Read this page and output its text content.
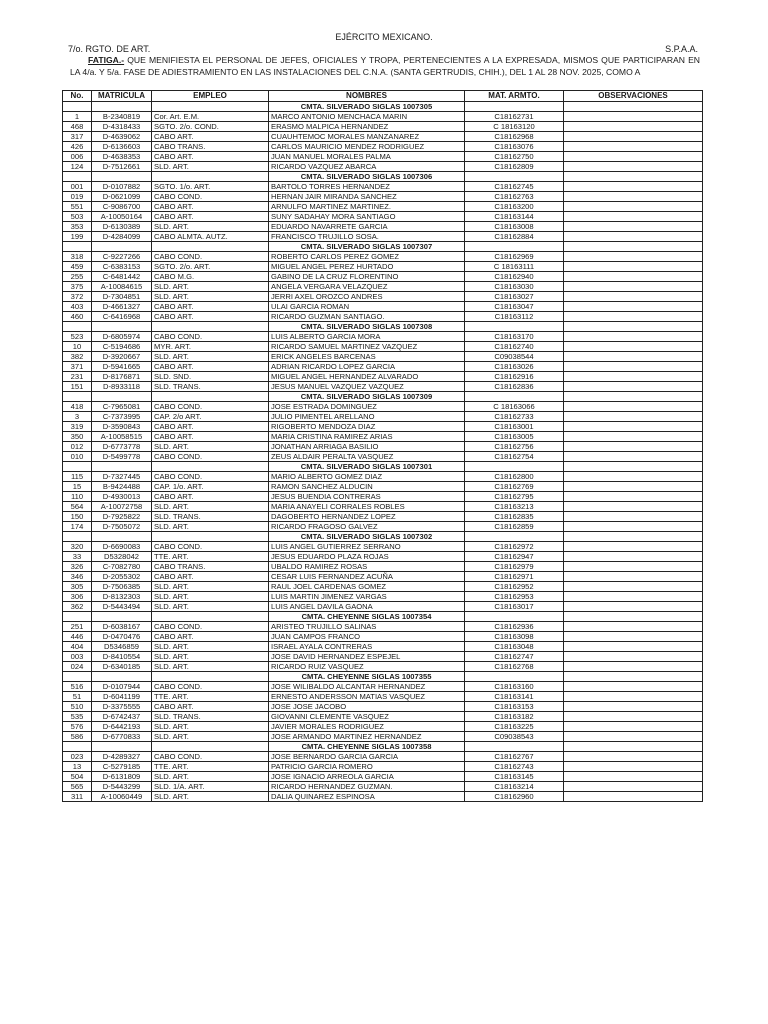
EJÉRCITO MEXICANO.
7/o. RGTO. DE ART.	S.P.A.A.
FATIGA.- QUE MENIFIESTA EL PERSONAL DE JEFES, OFICIALES Y TROPA, PERTENECIENTES A LA EXPRESADA, MISMOS QUE PARTICIPARAN EN LA 4/a. Y 5/a. FASE DE ADIESTRAMIENTO EN LAS INSTALACIONES DEL C.N.A. (SANTA GERTRUDIS, CHIH.), DEL 1 AL 28 NOV. 2025, COMO A
No.	MATRICULA	EMPLEO	NOMBRES	MAT. ARMTO.	OBSERVACIONES
			CMTA. SILVERADO SIGLAS 1007305		
1	B-2340819	Cor. Art. E.M.	MARCO ANTONIO MENCHACA MARIN	C18162731	
468	D-4318433	SGTO. 2/o. COND.	ERASMO MALPICA HERNANDEZ	C 18163120	
317	D-4639062	CABO ART.	CUAUHTEMOC MORALES MANZANAREZ	C18162968	
426	D-6136603	CABO TRANS.	CARLOS MAURICIO MENDEZ RODRIGUEZ	C18163076	
006	D-4638353	CABO ART.	JUAN MANUEL MORALES PALMA	C18162750	
124	D-7512661	SLD. ART.	RICARDO VAZQUEZ ABARCA	C18162809	
			CMTA. SILVERADO SIGLAS 1007306		
001	D-0107882	SGTO. 1/o. ART.	BARTOLO TORRES HERNANDEZ	C18162745	
019	D-0621099	CABO COND.	HERNAN JAIR MIRANDA SANCHEZ	C18162763	
551	C-9086700	CABO ART.	ARNULFO MARTINEZ MARTINEZ.	C18163200	
503	A-10050164	CABO ART.	SUNY SADAHAY MORA SANTIAGO	C18163144	
353	D-6130389	SLD. ART.	EDUARDO NAVARRETE GARCIA	C18163008	
199	D-4284099	CABO ALMTA. AUTZ.	FRANCISCO TRUJILLO SOSA.	C18162884	
			CMTA. SILVERADO SIGLAS 1007307		
318	C-9227266	CABO COND.	ROBERTO CARLOS PEREZ GOMEZ	C18162969	
459	C-6383153	SGTO. 2/o. ART.	MIGUEL ANGEL PEREZ HURTADO	C 18163111	
255	C-6481442	CABO M.G.	GABINO DE LA CRUZ FLORENTINO	C18162940	
375	A-10084615	SLD. ART.	ANGELA VERGARA VELAZQUEZ	C18163030	
372	D-7304851	SLD. ART.	JERRI AXEL OROZCO ANDRES	C18163027	
403	D-4661327	CABO ART.	ULAI GARCIA ROMAN	C18163047	
460	C-6416968	CABO ART.	RICARDO GUZMAN SANTIAGO.	C18163112	
			CMTA. SILVERADO SIGLAS 1007308		
523	D-6805974	CABO COND.	LUIS ALBERTO GARCIA MORA	C18163170	
10	C-5194686	MYR. ART.	RICARDO SAMUEL MARTINEZ VAZQUEZ	C18162740	
382	D-3920667	SLD. ART.	ERICK ANGELES BARCENAS	C09038544	
371	D-5941665	CABO ART.	ADRIAN RICARDO LOPEZ GARCIA	C18163026	
231	D-8176871	SLD. SND.	MIGUEL ANGEL HERNANDEZ ALVARADO	C18162916	
151	D-8933118	SLD. TRANS.	JESUS MANUEL VAZQUEZ VAZQUEZ	C18162836	
			CMTA. SILVERADO SIGLAS 1007309		
418	C-7965081	CABO COND.	JOSE ESTRADA DOMINGUEZ	C 18163066	
3	C-7373995	CAP. 2/o ART.	JULIO PIMENTEL ARELLANO	C18162733	
319	D-3590843	CABO ART.	RIGOBERTO MENDOZA DIAZ	C18163001	
350	A-10058515	CABO ART.	MARIA CRISTINA RAMIREZ ARIAS	C18163005	
012	D-6773778	SLD. ART.	JONATHAN ARRIAGA BASILIO	C18162756	
010	D-5499778	CABO COND.	ZEUS ALDAIR PERALTA VASQUEZ	C18162754	
			CMTA. SILVERADO SIGLAS 1007301		
115	D-7327445	CABO COND.	MARIO ALBERTO GOMEZ DIAZ	C18162800	
15	B-9424488	CAP. 1/o. ART.	RAMON SANCHEZ ALDUCIN	C18162769	
110	D-4930013	CABO ART.	JESUS BUENDIA CONTRERAS	C18162795	
564	A-10072758	SLD. ART.	MARIA ANAYELI CORRALES ROBLES	C18163213	
150	D-7925822	SLD. TRANS.	DAGOBERTO HERNANDEZ LOPEZ	C18162835	
174	D-7505072	SLD. ART.	RICARDO FRAGOSO GALVEZ	C18162859	
			CMTA. SILVERADO SIGLAS 1007302		
320	D-6690083	CABO COND.	LUIS ANGEL GUTIERREZ SERRANO	C18162972	
33	D5328042	TTE. ART.	JESUS EDUARDO PLAZA ROJAS	C18162947	
326	C-7082780	CABO TRANS.	UBALDO RAMIREZ ROSAS	C18162979	
346	D-2055302	CABO ART.	CESAR LUIS FERNANDEZ ACUÑA	C18162971	
305	D-7506385	SLD. ART.	RAUL JOEL CARDENAS GOMEZ	C18162952	
306	D-8132303	SLD. ART.	LUIS MARTIN JIMENEZ VARGAS	C18162953	
362	D-5443494	SLD. ART.	LUIS ANGEL DAVILA GAONA	C18163017	
			CMTA. CHEYENNE SIGLAS 1007354		
251	D-6038167	CABO COND.	ARISTEO TRUJILLO SALINAS	C18162936	
446	D-0470476	CABO ART.	JUAN CAMPOS FRANCO	C18163098	
404	D5346859	SLD. ART.	ISRAEL AYALA CONTRERAS	C18163048	
003	D-8410554	SLD. ART.	JOSE DAVID HERNANDEZ ESPEJEL	C18162747	
024	D-6340185	SLD. ART.	RICARDO RUIZ VASQUEZ	C18162768	
			CMTA. CHEYENNE SIGLAS 1007355		
516	D-0107944	CABO COND.	JOSE WILIBALDO ALCANTAR HERNANDEZ	C18163160	
51	D-6041199	TTE. ART.	ERNESTO ANDERSSON MATIAS VASQUEZ	C18163141	
510	D-3375555	CABO ART.	JOSE JOSE JACOBO	C18163153	
535	D-6742437	SLD. TRANS.	GIOVANNI CLEMENTE VASQUEZ	C18163182	
576	D-6442193	SLD. ART.	JAVIER MORALES RODRIGUEZ	C18163225	
586	D-6770833	SLD. ART.	JOSE ARMANDO MARTINEZ HERNANDEZ	C09038543	
			CMTA. CHEYENNE SIGLAS 1007358		
023	D-4289327	CABO COND.	JOSE BERNARDO GARCIA GARCIA	C18162767	
13	C-5279185	TTE. ART.	PATRICIO GARCIA ROMERO	C18162743	
504	D-6131809	SLD. ART.	JOSE IGNACIO ARREOLA GARCIA	C18163145	
565	D-5443299	SLD. 1/A. ART.	RICARDO HERNANDEZ GUZMAN.	C18163214	
311	A-10060449	SLD. ART.	DALIA QUINAREZ ESPINOSA	C18162960	
